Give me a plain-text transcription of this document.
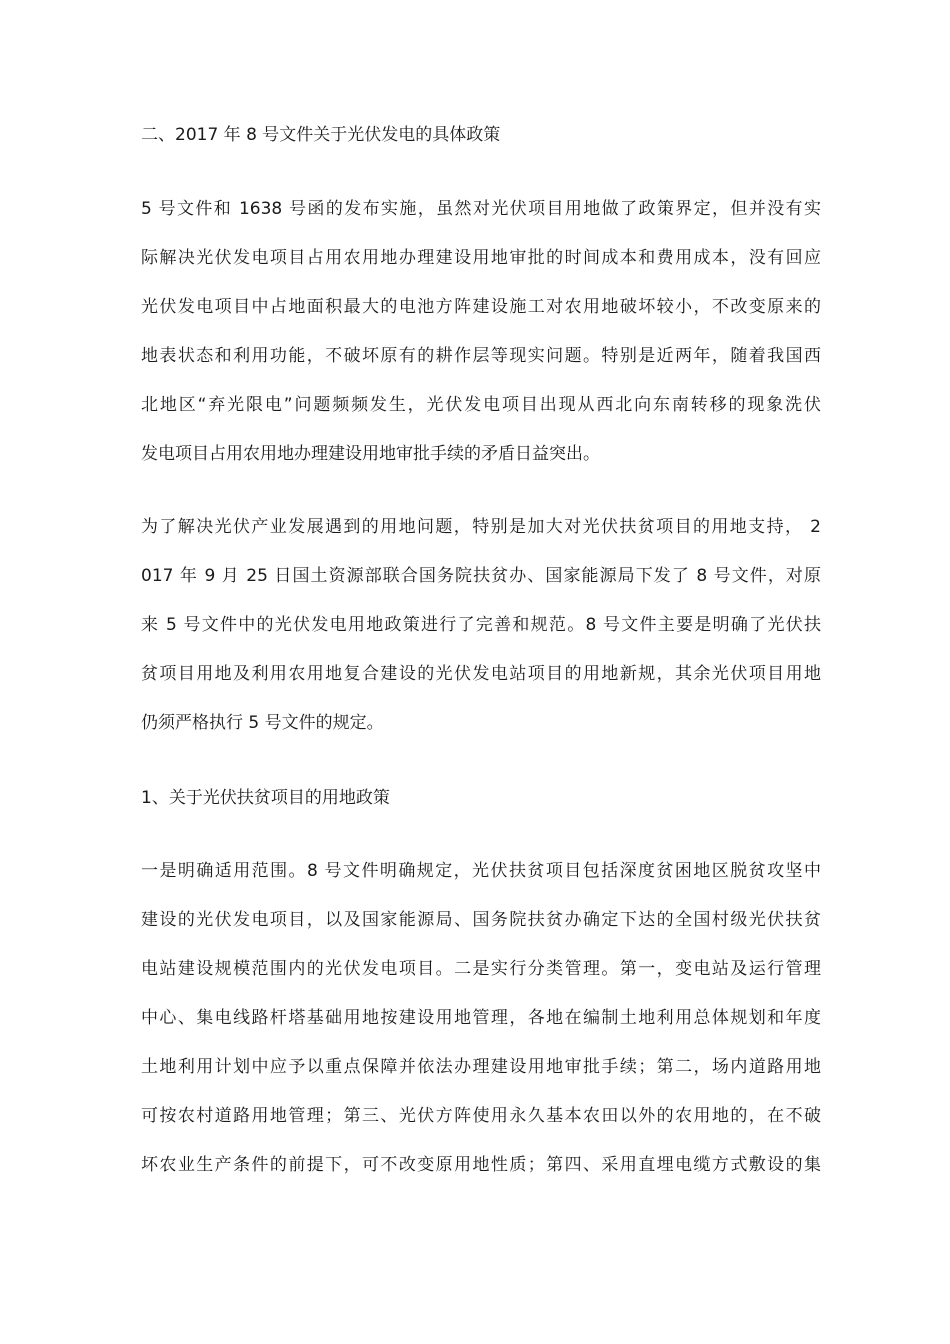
二、2017 年 8 号文件关于光伏发电的具体政策
5 号文件和 1638 号函的发布实施，虽然对光伏项目用地做了政策界定，但并没有实
际解决光伏发电项目占用农用地办理建设用地审批的时间成本和费用成本，没有回应
光伏发电项目中占地面积最大的电池方阵建设施工对农用地破坏较小，不改变原来的
地表状态和利用功能，不破坏原有的耕作层等现实问题。特别是近两年，随着我国西
北地区“弃光限电”问题频频发生，光伏发电项目出现从西北向东南转移的现象洗伏
发电项目占用农用地办理建设用地审批手续的矛盾日益突出。
为了解决光伏产业发展遇到的用地问题，特别是加大对光伏扶贫项目的用地支持， 2
017 年 9 月 25 日国土资源部联合国务院扶贫办、国家能源局下发了 8 号文件，对原
来 5 号文件中的光伏发电用地政策进行了完善和规范。8 号文件主要是明确了光伏扶
贫项目用地及利用农用地复合建设的光伏发电站项目的用地新规，其余光伏项目用地
仍须严格执行 5 号文件的规定。
1、关于光伏扶贫项目的用地政策
一是明确适用范围。8 号文件明确规定，光伏扶贫项目包括深度贫困地区脱贫攻坚中
建设的光伏发电项目，以及国家能源局、国务院扶贫办确定下达的全国村级光伏扶贫
电站建设规模范围内的光伏发电项目。二是实行分类管理。第一，变电站及运行管理
中心、集电线路杆塔基础用地按建设用地管理，各地在编制土地利用总体规划和年度
土地利用计划中应予以重点保障并依法办理建设用地审批手续；第二，场内道路用地
可按农村道路用地管理；第三、光伏方阵使用永久基本农田以外的农用地的，在不破
坏农业生产条件的前提下，可不改变原用地性质；第四、采用直埋电缆方式敷设的集
